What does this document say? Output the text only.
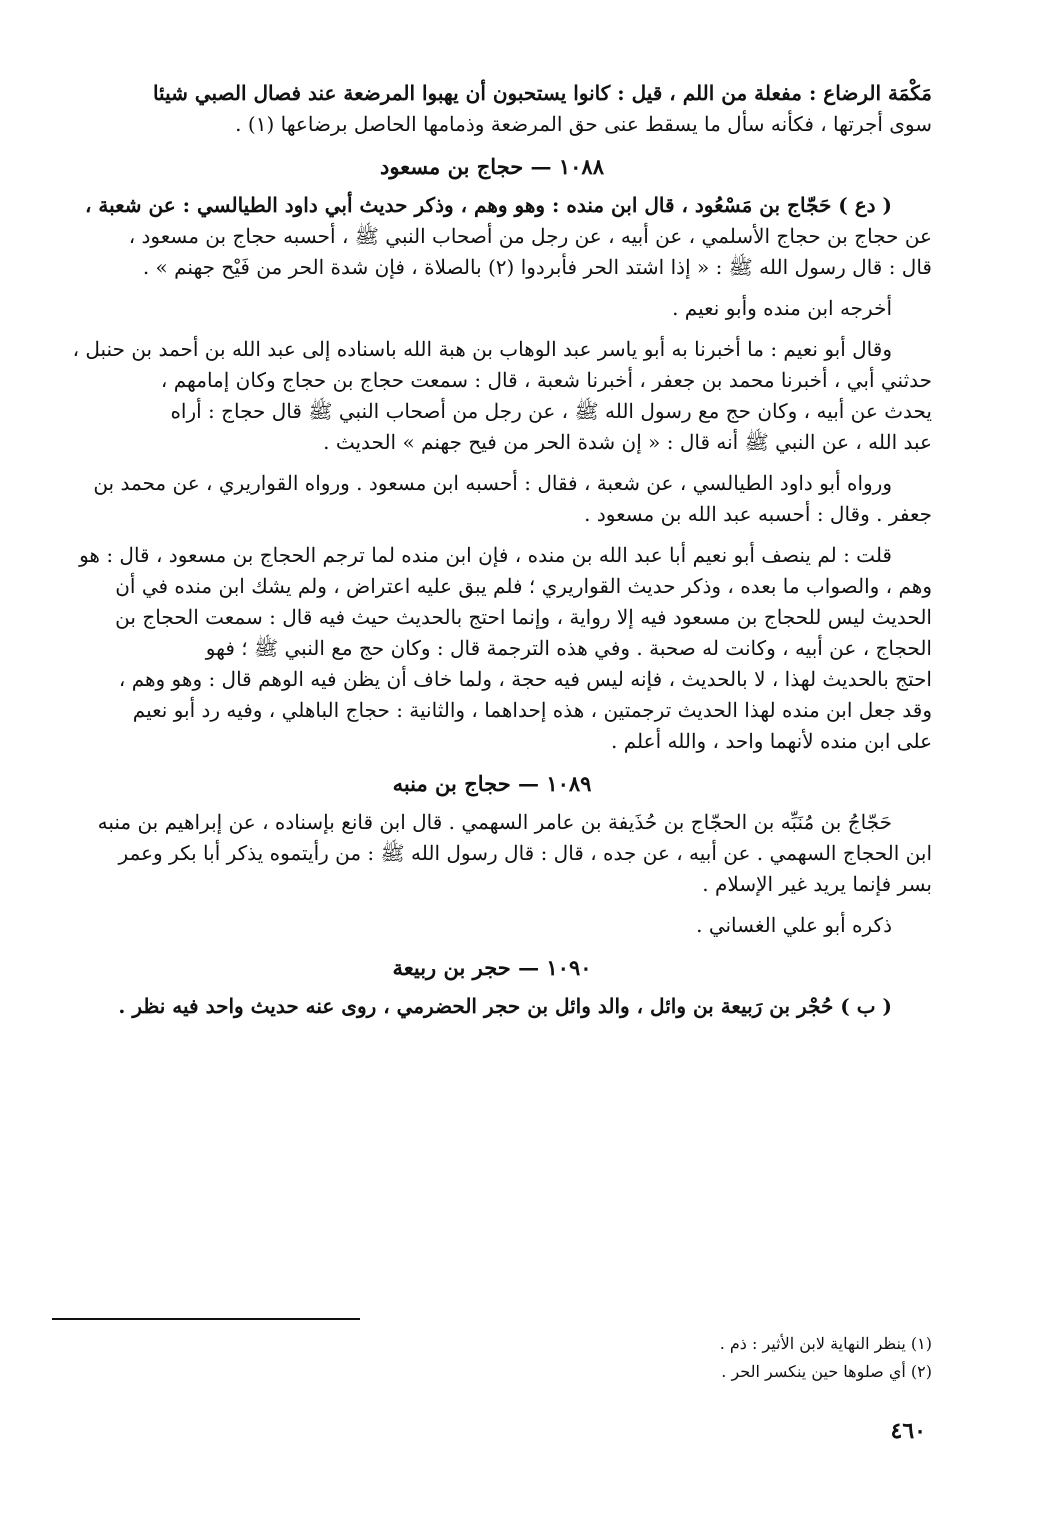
مَكْمَة الرضاع : مفعلة من اللم ، قيل : كانوا يستحبون أن يهبوا المرضعة عند فصال الصبي شيئا

سوى أجرتها ، فكأنه سأل ما يسقط عنى حق المرضعة وذمامها الحاصل برضاعها (١) .

١٠٨٨ — حجاج بن مسعود

( دع ) حَجّاج بن مَسْعُود ، قال ابن منده : وهو وهم ، وذكر حديث أبي داود الطيالسي : عن شعبة ،

عن حجاج بن حجاج الأسلمي ، عن أبيه ، عن رجل من أصحاب النبي ﷺ ، أحسبه حجاج بن مسعود ،

قال : قال رسول الله ﷺ : « إذا اشتد الحر فأبردوا (٢) بالصلاة ، فإن شدة الحر من فَيْح جهنم » .

أخرجه ابن منده وأبو نعيم .

وقال أبو نعيم : ما أخبرنا به أبو ياسر عبد الوهاب بن هبة الله باسناده إلى عبد الله بن أحمد بن حنبل ،

حدثني أبي ، أخبرنا محمد بن جعفر ، أخبرنا شعبة ، قال : سمعت حجاج بن حجاج وكان إمامهم ،

يحدث عن أبيه ، وكان حج مع رسول الله ﷺ ، عن رجل من أصحاب النبي ﷺ قال حجاج : أراه

عبد الله ، عن النبي ﷺ أنه قال : « إن شدة الحر من فيح جهنم » الحديث .

ورواه أبو داود الطيالسي ، عن شعبة ، فقال : أحسبه ابن مسعود . ورواه القواريري ، عن محمد بن

جعفر . وقال : أحسبه عبد الله بن مسعود .

قلت : لم ينصف أبو نعيم أبا عبد الله بن منده ، فإن ابن منده لما ترجم الحجاج بن مسعود ، قال : هو

وهم ، والصواب ما بعده ، وذكر حديث القواريري ؛ فلم يبق عليه اعتراض ، ولم يشك ابن منده في أن

الحديث ليس للحجاج بن مسعود فيه إلا رواية ، وإنما احتج بالحديث حيث فيه قال : سمعت الحجاج بن

الحجاج ، عن أبيه ، وكانت له صحبة . وفي هذه الترجمة قال : وكان حج مع النبي ﷺ ؛ فهو

احتج بالحديث لهذا ، لا بالحديث ، فإنه ليس فيه حجة ، ولما خاف أن يظن فيه الوهم قال : وهو وهم ،

وقد جعل ابن منده لهذا الحديث ترجمتين ، هذه إحداهما ، والثانية : حجاج الباهلي ، وفيه رد أبو نعيم

على ابن منده لأنهما واحد ، والله أعلم .

١٠٨٩ — حجاج بن منبه

حَجّاجُ بن مُنَبِّه بن الحجّاج بن حُذَيفة بن عامر السهمي . قال ابن قانع بإسناده ، عن إبراهيم بن منبه

ابن الحجاج السهمي . عن أبيه ، عن جده ، قال : قال رسول الله ﷺ : من رأيتموه يذكر أبا بكر وعمر

بسر فإنما يريد غير الإسلام .

ذكره أبو علي الغساني .

١٠٩٠ — حجر بن ربيعة

( ب ) حُجْر بن رَبيعة بن وائل ، والد وائل بن حجر الحضرمي ، روى عنه حديث واحد فيه نظر .

(١) ينظر النهاية لابن الأثير : ذم .
(٢) أي صلوها حين ينكسر الحر .
٤٦٠
